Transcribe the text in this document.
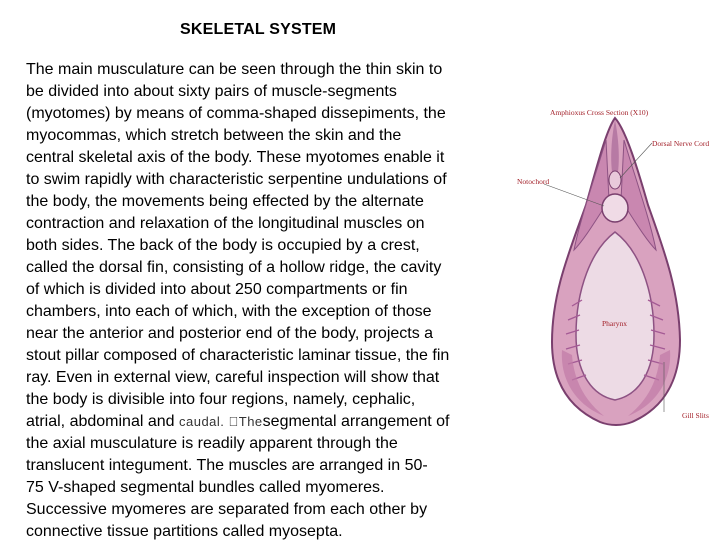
SKELETAL SYSTEM
The main musculature can be seen through the thin skin to
be divided into about sixty pairs of muscle-segments
(myotomes) by means of comma-shaped dissepiments, the
myocommas, which stretch between the skin and the
central skeletal axis of the body. These myotomes enable it
to swim rapidly with characteristic serpentine undulations of
the body, the movements being effected by the alternate
contraction and relaxation of the longitudinal muscles on
both sides. The back of the body is occupied by a crest,
called the dorsal fin, consisting of a hollow ridge, the cavity
of which is divided into about 250 compartments or fin
chambers, into each of which, with the exception of those
near the anterior and posterior end of the body, projects a
stout pillar composed of characteristic laminar tissue, the fin
ray. Even in external view, careful inspection will show that
the body is divisible into four regions, namely, cephalic,
atrial, abdominal and caudal.  Thesegmental arrangement of
the axial musculature is readily apparent through the
translucent integument. The muscles are arranged in 50-
75 V-shaped segmental bundles called myomeres.
Successive myomeres are separated from each other by
connective tissue partitions called myosepta.
Amphioxus Cross Section (X10)
Dorsal Nerve Cord
Notochord
Pharynx
Gill Slits
